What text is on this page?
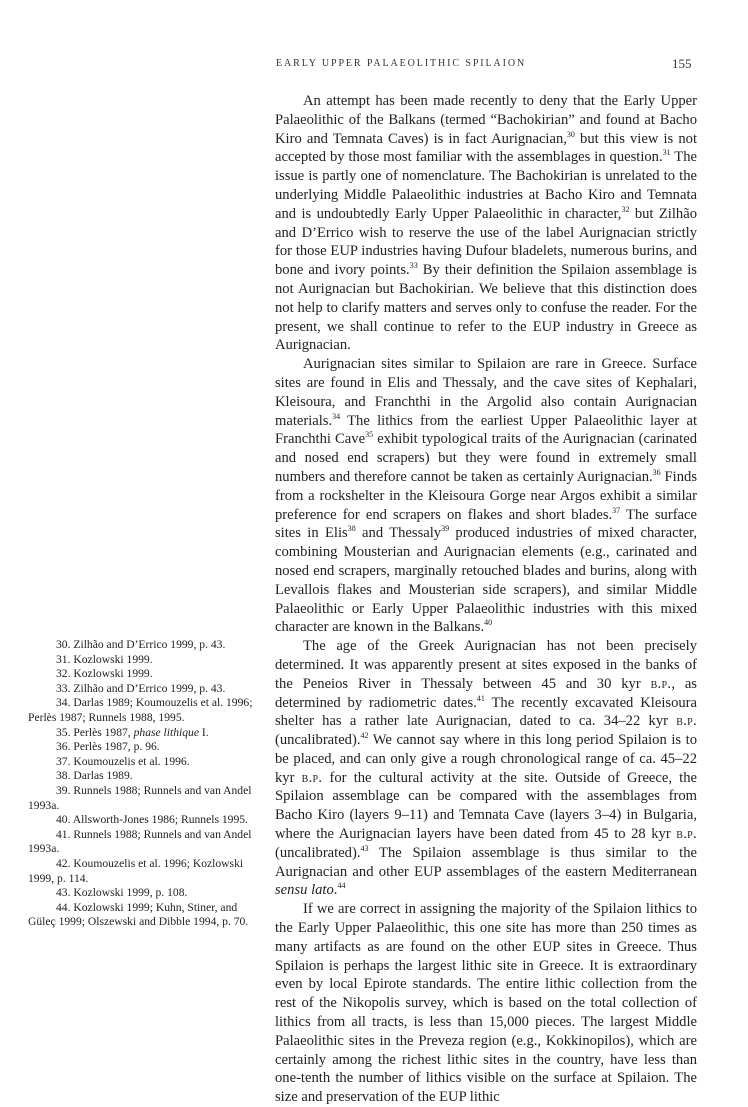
EARLY UPPER PALAEOLITHIC SPILAION	155

An attempt has been made recently to deny that the Early Upper Palaeolithic of the Balkans (termed “Bachokirian” and found at Bacho Kiro and Temnata Caves) is in fact Aurignacian,$^{30}$ but this view is not accepted by those most familiar with the assemblages in question.$^{31}$ The issue is partly one of nomenclature. The Bachokirian is unrelated to the underlying Middle Palaeolithic industries at Bacho Kiro and Temnata and is undoubtedly Early Upper Palaeolithic in character,$^{32}$ but Zilhão and D’Errico wish to reserve the use of the label Aurignacian strictly for those EUP industries having Dufour bladelets, numerous burins, and bone and ivory points.$^{33}$ By their definition the Spilaion assemblage is not Aurignacian but Bachokirian. We believe that this distinction does not help to clarify matters and serves only to confuse the reader. For the present, we shall continue to refer to the EUP industry in Greece as Aurignacian.

Aurignacian sites similar to Spilaion are rare in Greece. Surface sites are found in Elis and Thessaly, and the cave sites of Kephalari, Kleisoura, and Franchthi in the Argolid also contain Aurignacian materials.$^{34}$ The lithics from the earliest Upper Palaeolithic layer at Franchthi Cave$^{35}$ exhibit typological traits of the Aurignacian (carinated and nosed end scrapers) but they were found in extremely small numbers and therefore cannot be taken as certainly Aurignacian.$^{36}$ Finds from a rockshelter in the Kleisoura Gorge near Argos exhibit a similar preference for end scrapers on flakes and short blades.$^{37}$ The surface sites in Elis$^{38}$ and Thessaly$^{39}$ produced industries of mixed character, combining Mousterian and Aurignacian elements (e.g., carinated and nosed end scrapers, marginally retouched blades and burins, along with Levallois flakes and Mousterian side scrapers), and similar Middle Palaeolithic or Early Upper Palaeolithic industries with this mixed character are known in the Balkans.$^{40}$

The age of the Greek Aurignacian has not been precisely determined. It was apparently present at sites exposed in the banks of the Peneios River in Thessaly between 45 and 30 kyr b.p., as determined by radiometric dates.$^{41}$ The recently excavated Kleisoura shelter has a rather late Aurignacian, dated to ca. 34–22 kyr b.p. (uncalibrated).$^{42}$ We cannot say where in this long period Spilaion is to be placed, and can only give a rough chronological range of ca. 45–22 kyr b.p. for the cultural activity at the site. Outside of Greece, the Spilaion assemblage can be compared with the assemblages from Bacho Kiro (layers 9–11) and Temnata Cave (layers 3–4) in Bulgaria, where the Aurignacian layers have been dated from 45 to 28 kyr b.p. (uncalibrated).$^{43}$ The Spilaion assemblage is thus similar to the Aurignacian and other EUP assemblages of the eastern Mediterranean sensu lato.$^{44}$

If we are correct in assigning the majority of the Spilaion lithics to the Early Upper Palaeolithic, this one site has more than 250 times as many artifacts as are found on the other EUP sites in Greece. Thus Spilaion is perhaps the largest lithic site in Greece. It is extraordinary even by local Epirote standards. The entire lithic collection from the rest of the Nikopolis survey, which is based on the total collection of lithics from all tracts, is less than 15,000 pieces. The largest Middle Palaeolithic sites in the Preveza region (e.g., Kokkinopilos), which are certainly among the richest lithic sites in the country, have less than one-tenth the number of lithics visible on the surface at Spilaion. The size and preservation of the EUP lithic

30. Zilhão and D’Errico 1999, p. 43.
31. Kozlowski 1999.
32. Kozlowski 1999.
33. Zilhão and D’Errico 1999, p. 43.
34. Darlas 1989; Koumouzelis et al. 1996; Perlès 1987; Runnels 1988, 1995.
35. Perlès 1987, phase lithique I.
36. Perlès 1987, p. 96.
37. Koumouzelis et al. 1996.
38. Darlas 1989.
39. Runnels 1988; Runnels and van Andel 1993a.
40. Allsworth-Jones 1986; Runnels 1995.
41. Runnels 1988; Runnels and van Andel 1993a.
42. Koumouzelis et al. 1996; Kozlowski 1999, p. 114.
43. Kozlowski 1999, p. 108.
44. Kozlowski 1999; Kuhn, Stiner, and Güleç 1999; Olszewski and Dibble 1994, p. 70.
